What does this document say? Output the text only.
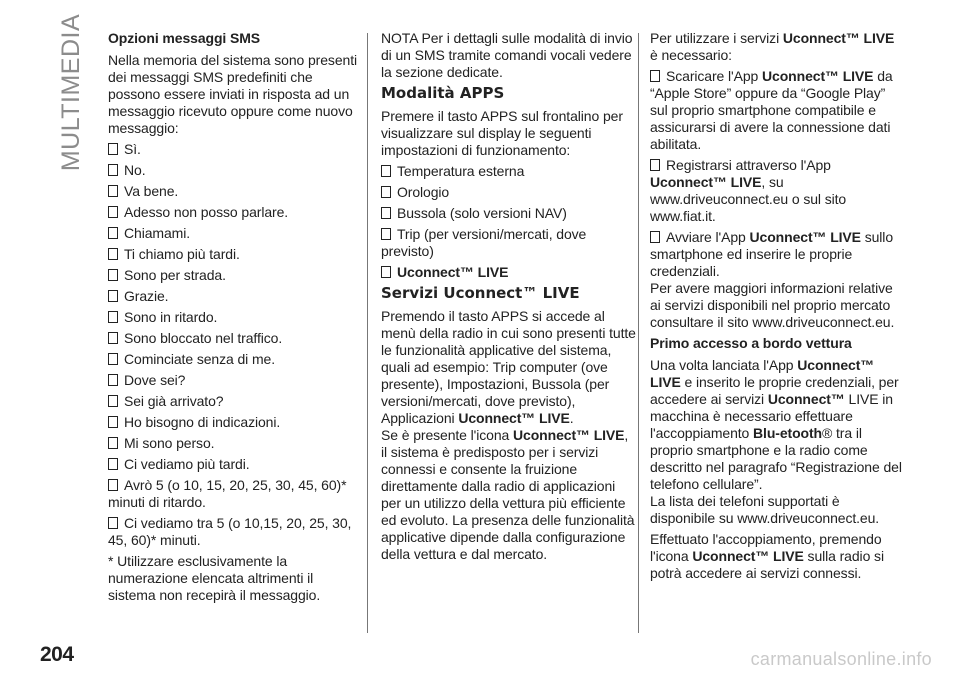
MULTIMEDIA Opzioni messaggi SMS

Nella memoria del sistema sono presenti dei messaggi SMS predefiniti che possono essere inviati in risposta ad un messaggio ricevuto oppure come nuovo messaggio:

Sì.
No.
Va bene.
Adesso non posso parlare.
Chiamami.
Ti chiamo più tardi.
Sono per strada.
Grazie.
Sono in ritardo.
Sono bloccato nel traffico.
Cominciate senza di me.
Dove sei?
Sei già arrivato?
Ho bisogno di indicazioni.
Mi sono perso.
Ci vediamo più tardi.
Avrò 5 (o 10, 15, 20, 25, 30, 45, 60)* minuti di ritardo.
Ci vediamo tra 5 (o 10,15, 20, 25, 30, 45, 60)* minuti.

* Utilizzare esclusivamente la numerazione elencata altrimenti il sistema non recepirà il messaggio.

NOTA Per i dettagli sulle modalità di invio di un SMS tramite comandi vocali vedere la sezione dedicate.

Modalità APPS

Premere il tasto APPS sul frontalino per visualizzare sul display le seguenti impostazioni di funzionamento:

Temperatura esterna
Orologio
Bussola (solo versioni NAV)
Trip (per versioni/mercati, dove previsto)
Uconnect™ LIVE
Servizi Uconnect™ LIVE

Premendo il tasto APPS si accede al menù della radio in cui sono presenti tutte le funzionalità applicative del sistema, quali ad esempio: Trip computer (ove presente), Impostazioni, Bussola (per versioni/mercati, dove previsto), Applicazioni Uconnect™ LIVE.

Se è presente l'icona Uconnect™ LIVE, il sistema è predisposto per i servizi connessi e consente la fruizione direttamente dalla radio di applicazioni per un utilizzo della vettura più efficiente ed evoluto. La presenza delle funzionalità applicative dipende dalla configurazione della vettura e dal mercato.

Per utilizzare i servizi Uconnect™ LIVE è necessario:

Scaricare l'App Uconnect™ LIVE da “Apple Store” oppure da “Google Play” sul proprio smartphone compatibile e assicurarsi di avere la connessione dati abilitata.
Registrarsi attraverso l'App Uconnect™ LIVE, su www.driveuconnect.eu o sul sito www.fiat.it.
Avviare l'App Uconnect™ LIVE sullo smartphone ed inserire le proprie credenziali.

Per avere maggiori informazioni relative ai servizi disponibili nel proprio mercato consultare il sito www.driveuconnect.eu.

Primo accesso a bordo vettura

Una volta lanciata l'App Uconnect™ LIVE e inserito le proprie credenziali, per accedere ai servizi Uconnect™ LIVE in macchina è necessario effettuare l'accoppiamento Blu-etooth® tra il proprio smartphone e la radio come descritto nel paragrafo “Registrazione del telefono cellulare”.

La lista dei telefoni supportati è disponibile su www.driveuconnect.eu.

Effettuato l'accoppiamento, premendo l'icona Uconnect™ LIVE sulla radio si potrà accedere ai servizi connessi.

204	carmanualsonline.info
